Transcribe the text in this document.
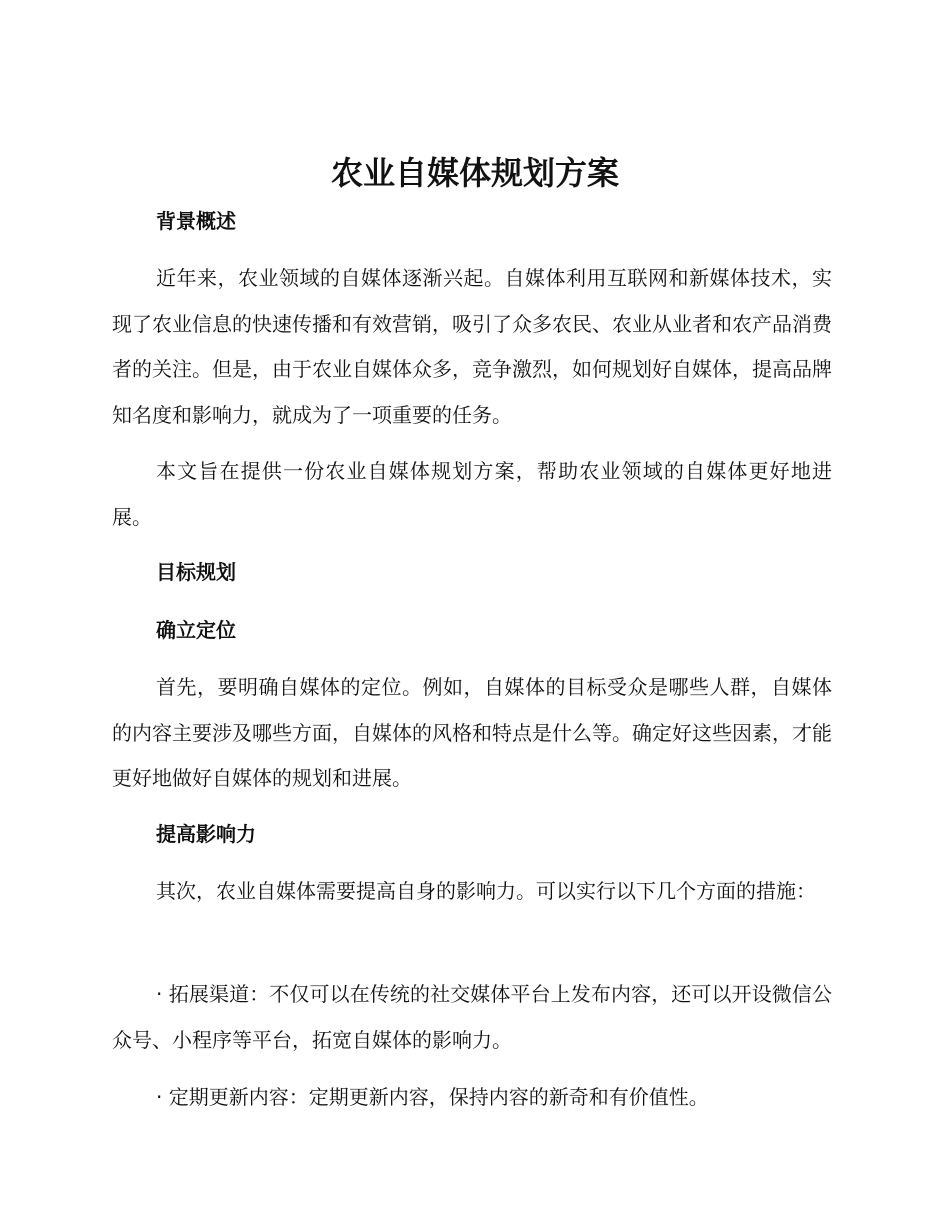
农业自媒体规划方案
背景概述

近年来，农业领域的自媒体逐渐兴起。自媒体利用互联网和新媒体技术，实现了农业信息的快速传播和有效营销，吸引了众多农民、农业从业者和农产品消费者的关注。但是，由于农业自媒体众多，竞争激烈，如何规划好自媒体，提高品牌知名度和影响力，就成为了一项重要的任务。

本文旨在提供一份农业自媒体规划方案，帮助农业领域的自媒体更好地进展。

目标规划
确立定位

首先，要明确自媒体的定位。例如，自媒体的目标受众是哪些人群，自媒体的内容主要涉及哪些方面，自媒体的风格和特点是什么等。确定好这些因素，才能更好地做好自媒体的规划和进展。

提高影响力

其次，农业自媒体需要提高自身的影响力。可以实行以下几个方面的措施：

· 拓展渠道：不仅可以在传统的社交媒体平台上发布内容，还可以开设微信公众号、小程序等平台，拓宽自媒体的影响力。

· 定期更新内容：定期更新内容，保持内容的新奇和有价值性。
